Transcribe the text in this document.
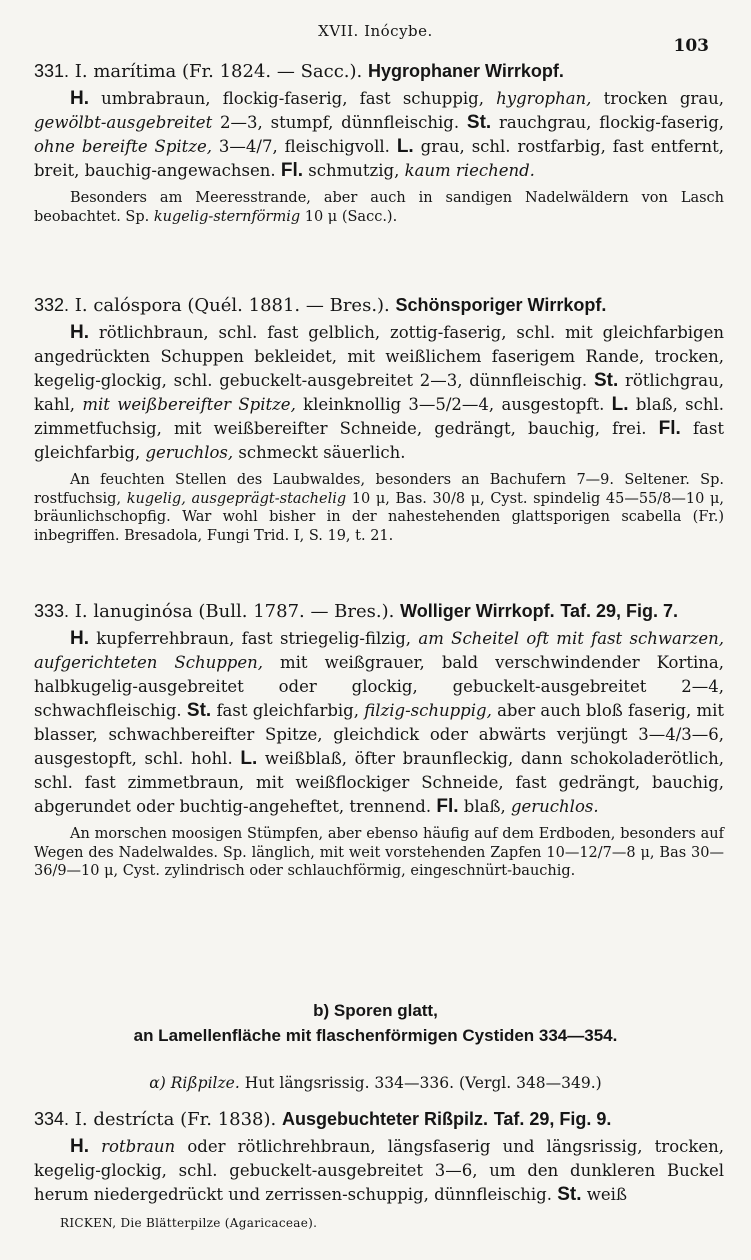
XVII. Inócybe.
103
331. I. marítima (Fr. 1824. — Sacc.). Hygrophaner Wirrkopf.
H. umbrabraun, flockig-faserig, fast schuppig, hygrophan, trocken grau, gewölbt-ausgebreitet 2—3, stumpf, dünnfleischig. St. rauchgrau, flockig-faserig, ohne bereifte Spitze, 3—4/7, fleischigvoll. L. grau, schl. rostfarbig, fast entfernt, breit, bauchig-angewachsen. Fl. schmutzig, kaum riechend.
Besonders am Meeresstrande, aber auch in sandigen Nadelwäldern von Lasch beobachtet. Sp. kugelig-sternförmig 10 μ (Sacc.).
332. I. calóspora (Quél. 1881. — Bres.). Schönsporiger Wirrkopf.
H. rötlichbraun, schl. fast gelblich, zottig-faserig, schl. mit gleichfarbigen angedrückten Schuppen bekleidet, mit weißlichem faserigem Rande, trocken, kegelig-glockig, schl. gebuckelt-ausgebreitet 2—3, dünnfleischig. St. rötlichgrau, kahl, mit weißbereifter Spitze, kleinknollig 3—5/2—4, ausgestopft. L. blaß, schl. zimmetfuchsig, mit weißbereifter Schneide, gedrängt, bauchig, frei. Fl. fast gleichfarbig, geruchlos, schmeckt säuerlich.
An feuchten Stellen des Laubwaldes, besonders an Bachufern 7—9. Seltener. Sp. rostfuchsig, kugelig, ausgeprägt-stachelig 10 μ, Bas. 30/8 μ, Cyst. spindelig 45—55/8—10 μ, bräunlichschopfig. War wohl bisher in der nahestehenden glattsporigen scabella (Fr.) inbegriffen. Bresadola, Fungi Trid. I, S. 19, t. 21.
333. I. lanuginósa (Bull. 1787. — Bres.). Wolliger Wirrkopf. Taf. 29, Fig. 7.
H. kupferrehbraun, fast striegelig-filzig, am Scheitel oft mit fast schwarzen, aufgerichteten Schuppen, mit weißgrauer, bald verschwindender Kortina, halbkugelig-ausgebreitet oder glockig, gebuckelt-ausgebreitet 2—4, schwachfleischig. St. fast gleichfarbig, filzig-schuppig, aber auch bloß faserig, mit blasser, schwachbereifter Spitze, gleichdick oder abwärts verjüngt 3—4/3—6, ausgestopft, schl. hohl. L. weißblaß, öfter braunfleckig, dann schokoladerötlich, schl. fast zimmetbraun, mit weißflockiger Schneide, fast gedrängt, bauchig, abgerundet oder buchtig-angeheftet, trennend. Fl. blaß, geruchlos.
An morschen moosigen Stümpfen, aber ebenso häufig auf dem Erdboden, besonders auf Wegen des Nadelwaldes. Sp. länglich, mit weit vorstehenden Zapfen 10—12/7—8 μ, Bas 30—36/9—10 μ, Cyst. zylindrisch oder schlauchförmig, eingeschnürt-bauchig.
b) Sporen glatt,
an Lamellenfläche mit flaschenförmigen Cystiden 334—354.
α) Rißpilze. Hut längsrissig. 334—336. (Vergl. 348—349.)
334. I. destrícta (Fr. 1838). Ausgebuchteter Rißpilz. Taf. 29, Fig. 9.
H. rotbraun oder rötlichrehbraun, längsfaserig und längsrissig, trocken, kegelig-glockig, schl. gebuckelt-ausgebreitet 3—6, um den dunkleren Buckel herum niedergedrückt und zerrissen-schuppig, dünnfleischig. St. weiß
RICKEN, Die Blätterpilze (Agaricaceae).
